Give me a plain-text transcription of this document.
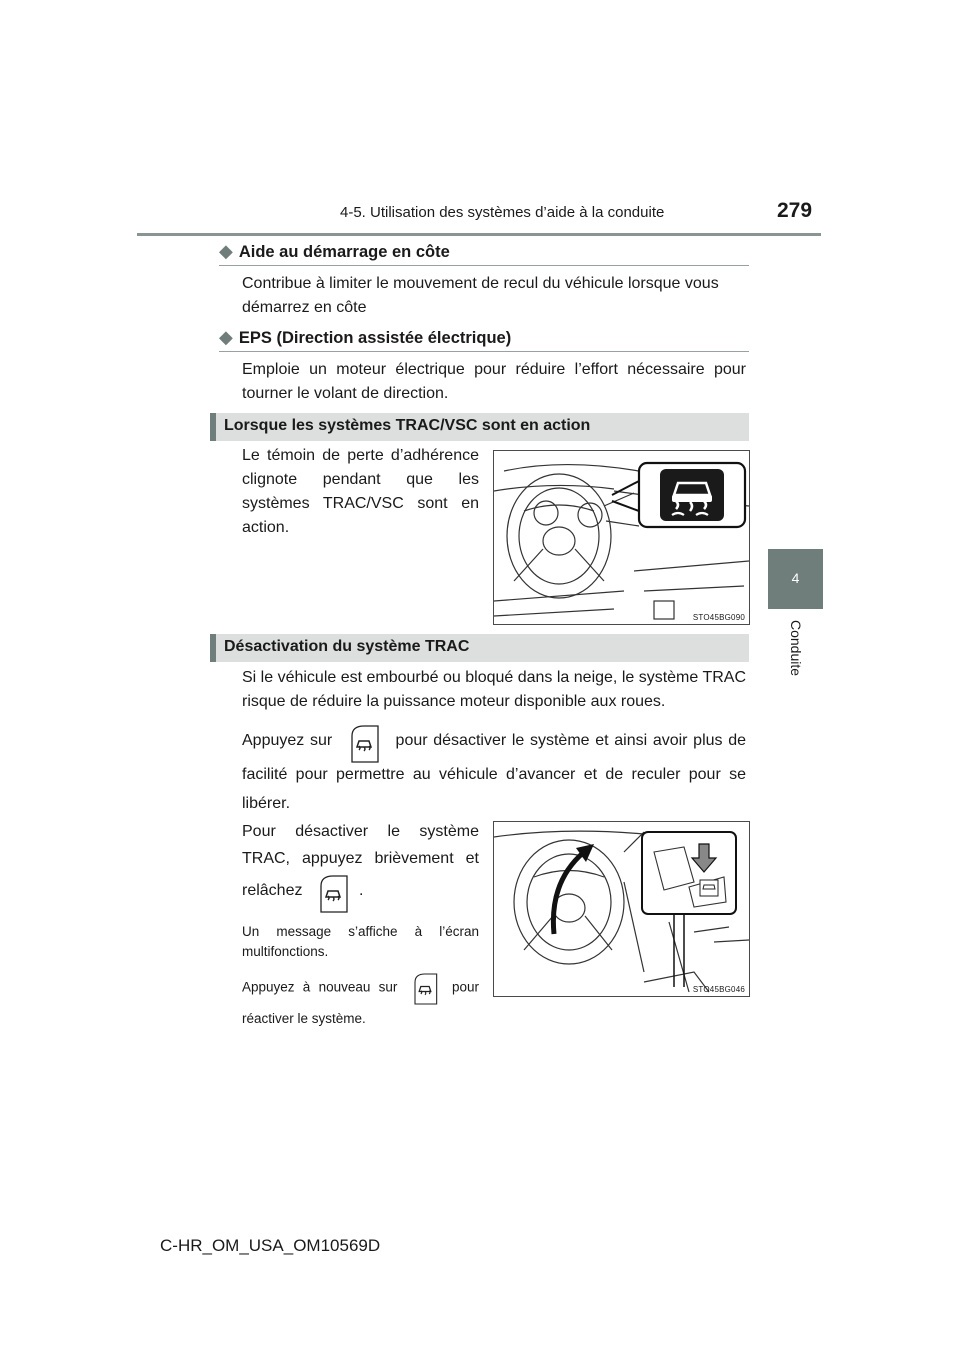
4-5. Utilisation des systèmes d’aide à la conduite	279
4
Conduite
◆ Aide au démarrage en côte
Contribue à limiter le mouvement de recul du véhicule lorsque vous démarrez en côte
◆ EPS (Direction assistée électrique)
Emploie un moteur électrique pour réduire l’effort nécessaire pour tourner le volant de direction.
Lorsque les systèmes TRAC/VSC sont en action
Le témoin de perte d’adhérence clignote pendant que les systèmes TRAC/VSC sont en action.
STO45BG090
Désactivation du système TRAC
Si le véhicule est embourbé ou bloqué dans la neige, le système TRAC risque de réduire la puissance moteur disponible aux roues.
Appuyez sur	pour désactiver le système et ainsi avoir plus de facilité pour permettre au véhicule d’avancer et de reculer pour se libérer.
Pour désactiver le système TRAC, appuyez brièvement et relâchez	.
Un message s’affiche à l’écran multifonctions.
Appuyez à nouveau sur	pour réactiver le système.
STO45BG046
C-HR_OM_USA_OM10569D
